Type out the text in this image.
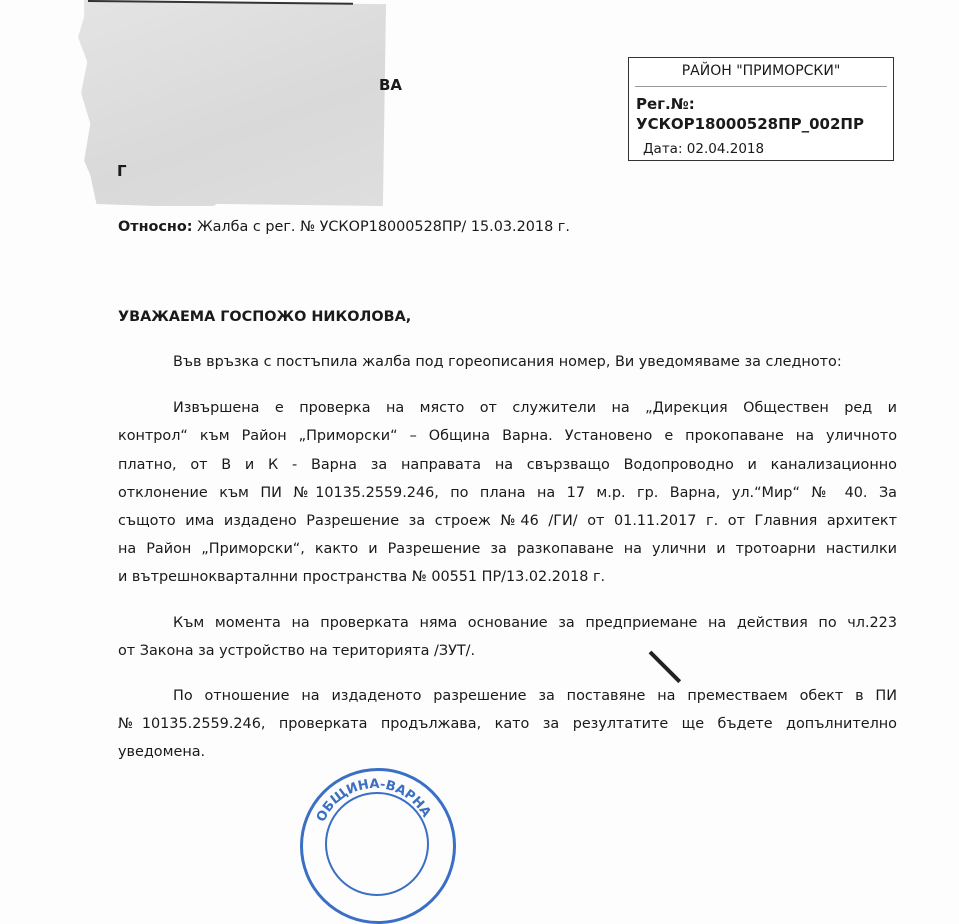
ВА
Г
РАЙОН "ПРИМОРСКИ"
Рег.№:
УСКОР18000528ПР_002ПР
Дата: 02.04.2018
Относно: Жалба с рег. № УСКОР18000528ПР/ 15.03.2018 г.
УВАЖАЕМА ГОСПОЖО НИКОЛОВА,
Във връзка с постъпила жалба под гореописания номер, Ви уведомяваме за следното:
Извършена е проверка на място от служители на „Дирекция Обществен ред и
контрол“ към Район „Приморски“ – Община Варна. Установено е прокопаване на уличното
платно, от В и К - Варна за направата на свързващо Водопроводно и канализационно
отклонение към ПИ №10135.2559.246, по плана на 17 м.р. гр. Варна, ул.“Мир“ № 40. За
същото има издадено Разрешение за строеж №46 /ГИ/ от 01.11.2017 г. от Главния архитект
на Район „Приморски“, както и Разрешение за разкопаване на улични и тротоарни настилки
и вътрешнокварталнни пространства № 00551 ПР/13.02.2018 г.
Към момента на проверката няма основание за предприемане на действия по чл.223
от Закона за устройство на територията /ЗУТ/.
По отношение на издаденото разрешение за поставяне на преместваем обект в ПИ
№10135.2559.246, проверката продължава, като за резултатите ще бъдете допълнително
уведомена.
ОБЩИНА-ВАРНА
